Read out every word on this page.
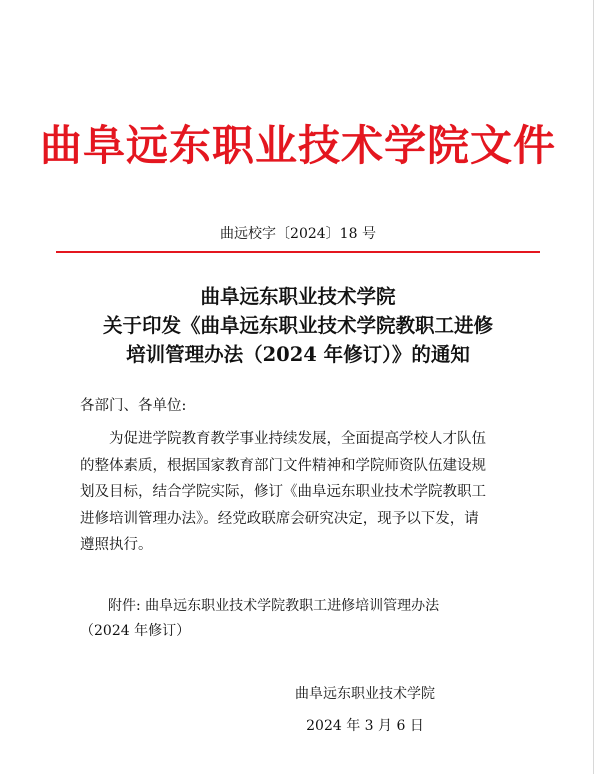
曲阜远东职业技术学院文件
曲远校字〔2024〕18 号
曲阜远东职业技术学院
关于印发《曲阜远东职业技术学院教职工进修
培训管理办法（2024 年修订）》的通知
各部门、各单位:
　　为促进学院教育教学事业持续发展，全面提高学校人才队伍
的整体素质，根据国家教育部门文件精神和学院师资队伍建设规
划及目标，结合学院实际，修订《曲阜远东职业技术学院教职工
进修培训管理办法》。经党政联席会研究决定，现予以下发，请
遵照执行。
　　附件: 曲阜远东职业技术学院教职工进修培训管理办法
（2024 年修订）
曲阜远东职业技术学院
2024 年 3 月 6 日
